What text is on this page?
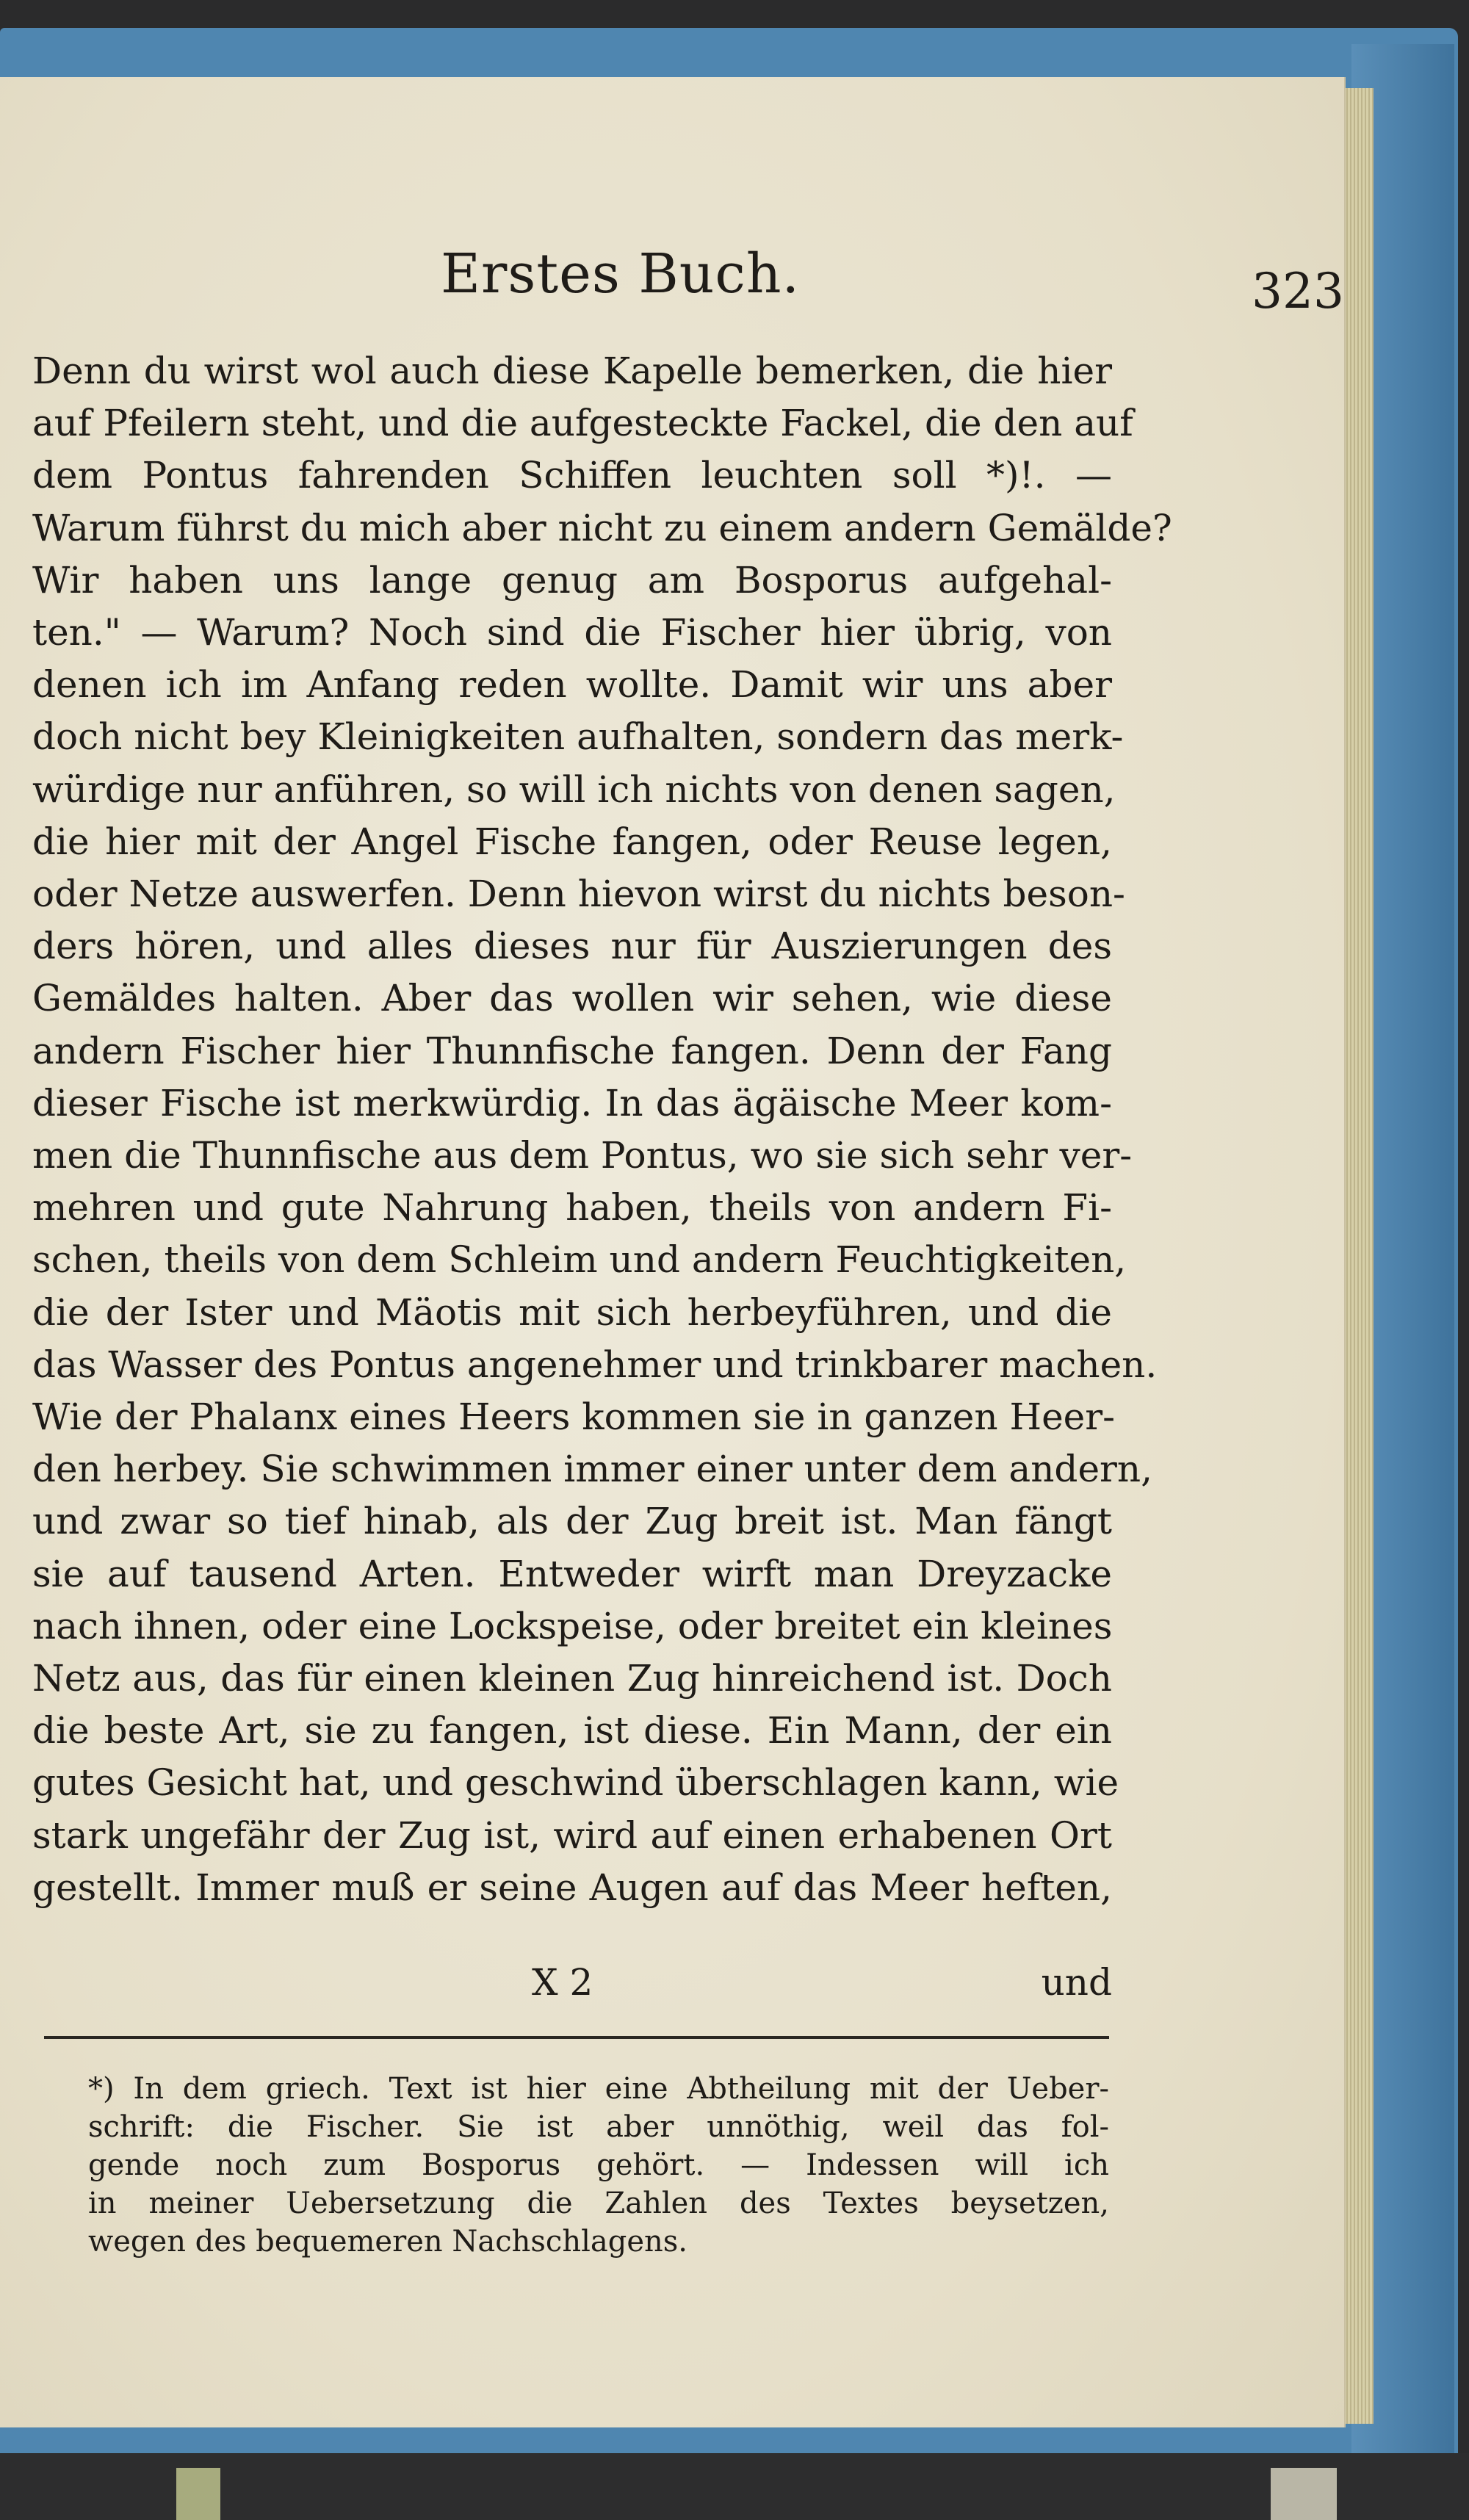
Erstes Buch.	323
Denn du wirst wol auch diese Kapelle bemerken, die hier
auf Pfeilern steht, und die aufgesteckte Fackel, die den auf
dem Pontus fahrenden Schiffen leuchten soll *)!. —
Warum führst du mich aber nicht zu einem andern Gemälde?
Wir haben uns lange genug am Bosporus aufgehal-
ten." — Warum? Noch sind die Fischer hier übrig, von
denen ich im Anfang reden wollte. Damit wir uns aber
doch nicht bey Kleinigkeiten aufhalten, sondern das merk-
würdige nur anführen, so will ich nichts von denen sagen,
die hier mit der Angel Fische fangen, oder Reuse legen,
oder Netze auswerfen. Denn hievon wirst du nichts beson-
ders hören, und alles dieses nur für Auszierungen des
Gemäldes halten. Aber das wollen wir sehen, wie diese
andern Fischer hier Thunnfische fangen. Denn der Fang
dieser Fische ist merkwürdig. In das ägäische Meer kom-
men die Thunnfische aus dem Pontus, wo sie sich sehr ver-
mehren und gute Nahrung haben, theils von andern Fi-
schen, theils von dem Schleim und andern Feuchtigkeiten,
die der Ister und Mäotis mit sich herbeyführen, und die
das Wasser des Pontus angenehmer und trinkbarer machen.
Wie der Phalanx eines Heers kommen sie in ganzen Heer-
den herbey. Sie schwimmen immer einer unter dem andern,
und zwar so tief hinab, als der Zug breit ist. Man fängt
sie auf tausend Arten. Entweder wirft man Dreyzacke
nach ihnen, oder eine Lockspeise, oder breitet ein kleines
Netz aus, das für einen kleinen Zug hinreichend ist. Doch
die beste Art, sie zu fangen, ist diese. Ein Mann, der ein
gutes Gesicht hat, und geschwind überschlagen kann, wie
stark ungefähr der Zug ist, wird auf einen erhabenen Ort
gestellt. Immer muß er seine Augen auf das Meer heften,
X 2	und
*) In dem griech. Text ist hier eine Abtheilung mit der Ueber-
schrift: die Fischer. Sie ist aber unnöthig, weil das fol-
gende noch zum Bosporus gehört. — Indessen will ich
in meiner Uebersetzung die Zahlen des Textes beysetzen,
wegen des bequemeren Nachschlagens.
